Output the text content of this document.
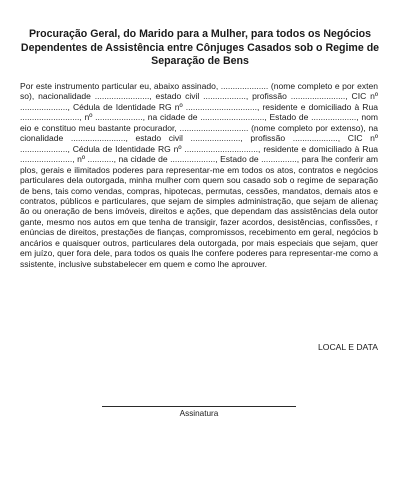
Procuração Geral, do Marido para a Mulher, para todos os Negócios Dependentes de Assistência entre Cônjuges Casados sob o Regime de Separação de Bens

Por este instrumento particular eu, abaixo assinado, .................... (nome completo e por extenso), nacionalidade ......................., estado civil .................., profissão ......................., CIC nº ...................., Cédula de Identidade RG nº .............................., residente e domiciliado à Rua ........................., nº ...................., na cidade de ..........................., Estado de ..................., nomeio e constituo meu bastante procurador, ............................. (nome completo por extenso), nacionalidade ......................., estado civil ....................., profissão ..................., CIC nº ...................., Cédula de Identidade RG nº ..............................., residente e domiciliado à Rua ......................, nº ..........., na cidade de ..................., Estado de ..............., para lhe conferir amplos, gerais e ilimitados poderes para representar-me em todos os atos, contratos e negócios particulares dela outorgada, minha mulher com quem sou casado sob o regime de separação de bens, tais como vendas, compras, hipotecas, permutas, cessões, mandatos, demais atos e contratos, públicos e particulares, que sejam de simples administração, que sejam de alienação ou oneração de bens imóveis, direitos e ações, que dependam das assistências dela outorgante, mesmo nos autos em que tenha de transigir, fazer acordos, desistências, confissões, renúncias de direitos, prestações de fianças, compromissos, recebimento em geral, negócios bancários e quaisquer outros, particulares dela outorgada, por mais especiais que sejam, quer em juízo, quer fora dele, para todos os quais lhe confere poderes para representar-me como assistente, inclusive substabelecer em quem e como lhe aprouver.

LOCAL E DATA

Assinatura
